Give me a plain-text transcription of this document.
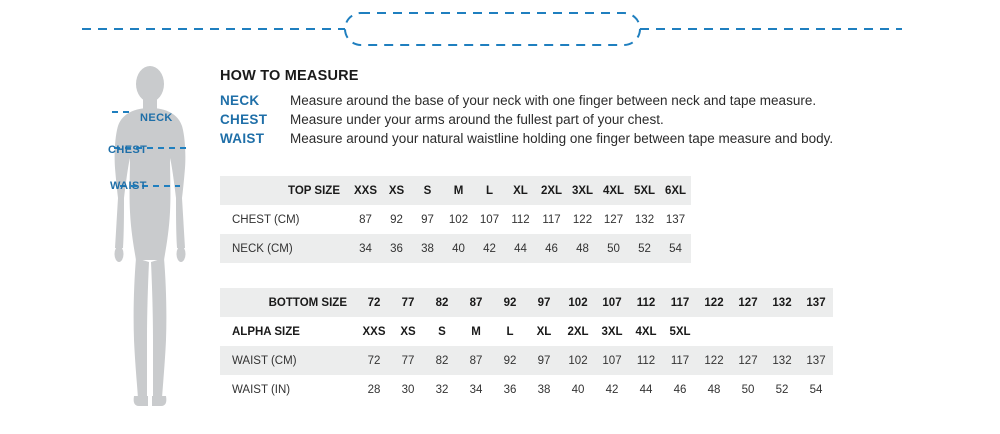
NECK
CHEST
WAIST
HOW TO MEASURE
NECK	Measure around the base of your neck with one finger between neck and tape measure.
CHEST	Measure under your arms around the fullest part of your chest.
WAIST	Measure around your natural waistline holding one finger between tape measure and body.
TOP SIZE	XXS	XS	S	M	L	XL	2XL	3XL	4XL	5XL	6XL
CHEST (CM)	87	92	97	102	107	112	117	122	127	132	137
NECK (CM)	34	36	38	40	42	44	46	48	50	52	54
BOTTOM SIZE	72	77	82	87	92	97	102	107	112	117	122	127	132	137
ALPHA SIZE	XXS	XS	S	M	L	XL	2XL	3XL	4XL	5XL				
WAIST (CM)	72	77	82	87	92	97	102	107	112	117	122	127	132	137
WAIST (IN)	28	30	32	34	36	38	40	42	44	46	48	50	52	54
